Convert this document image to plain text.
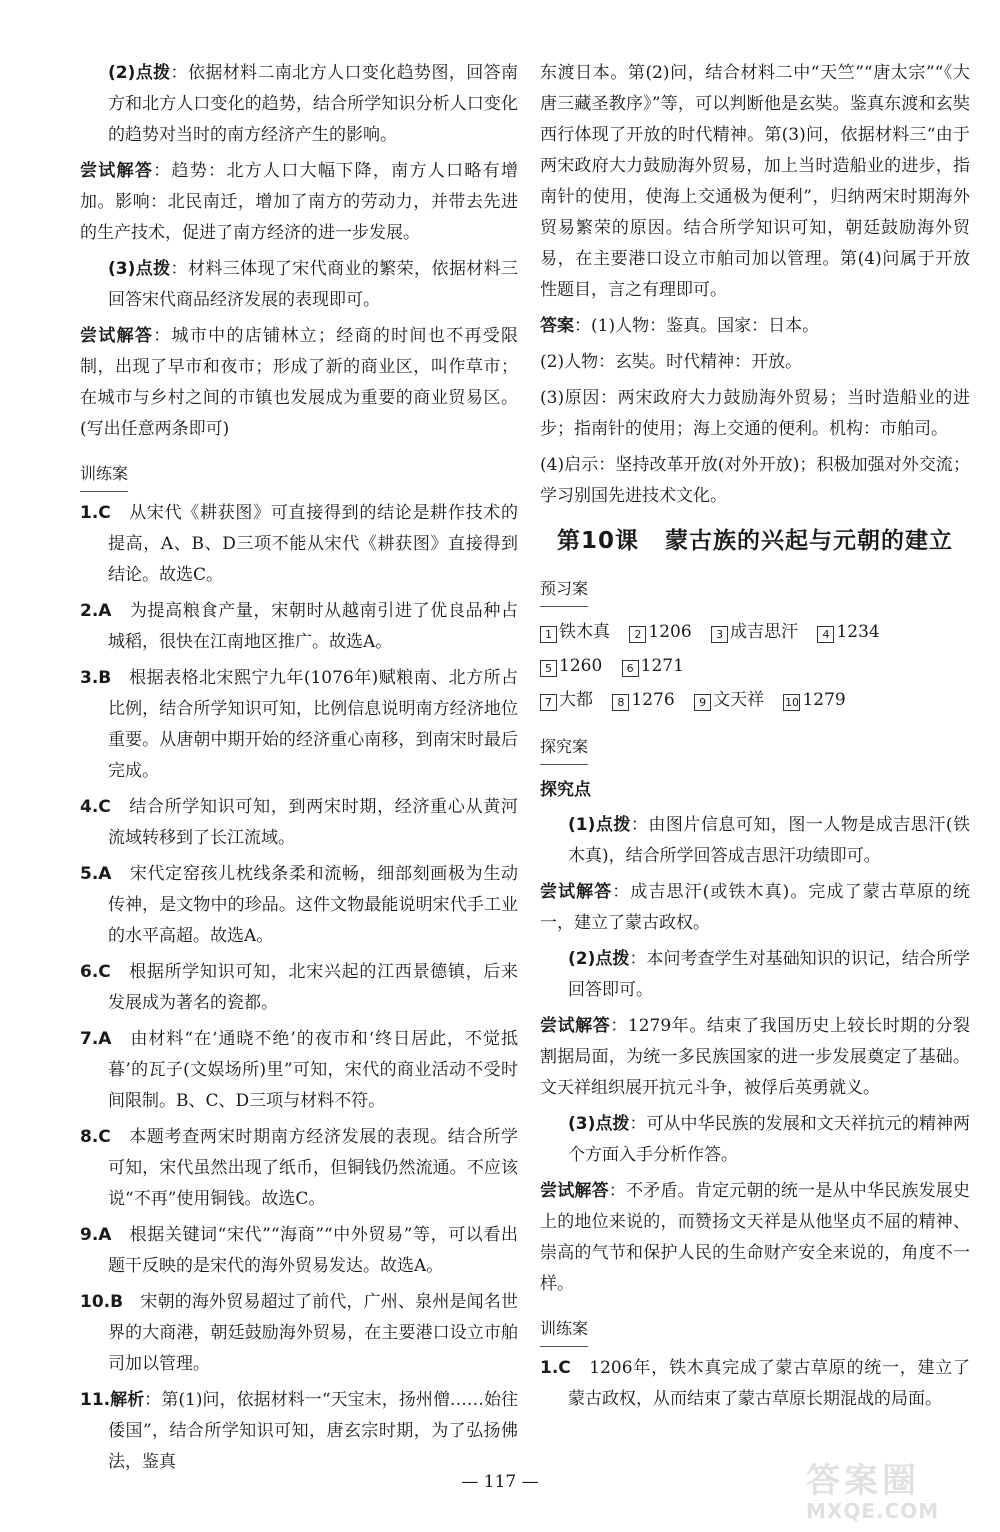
(2)点拨：依据材料二南北方人口变化趋势图，回答南方和北方人口变化的趋势，结合所学知识分析人口变化的趋势对当时的南方经济产生的影响。

尝试解答：趋势：北方人口大幅下降，南方人口略有增加。影响：北民南迁，增加了南方的劳动力，并带去先进的生产技术，促进了南方经济的进一步发展。

(3)点拨：材料三体现了宋代商业的繁荣，依据材料三回答宋代商品经济发展的表现即可。

尝试解答：城市中的店铺林立；经商的时间也不再受限制，出现了早市和夜市；形成了新的商业区，叫作草市；在城市与乡村之间的市镇也发展成为重要的商业贸易区。(写出任意两条即可)

训练案

1.C　 从宋代《耕获图》可直接得到的结论是耕作技术的提高，A、B、D三项不能从宋代《耕获图》直接得到结论。故选C。

2.A　 为提高粮食产量，宋朝时从越南引进了优良品种占城稻，很快在江南地区推广。故选A。

3.B　 根据表格北宋熙宁九年(1076年)赋粮南、北方所占比例，结合所学知识可知，比例信息说明南方经济地位重要。从唐朝中期开始的经济重心南移，到南宋时最后完成。

4.C　 结合所学知识可知，到两宋时期，经济重心从黄河流域转移到了长江流域。

5.A　 宋代定窑孩儿枕线条柔和流畅，细部刻画极为生动传神，是文物中的珍品。这件文物最能说明宋代手工业的水平高超。故选A。

6.C　 根据所学知识可知，北宋兴起的江西景德镇，后来发展成为著名的瓷都。

7.A　 由材料“在‘通晓不绝’的夜市和‘终日居此，不觉抵暮’的瓦子(文娱场所)里”可知，宋代的商业活动不受时间限制。B、C、D三项与材料不符。

8.C　 本题考查两宋时期南方经济发展的表现。结合所学可知，宋代虽然出现了纸币，但铜钱仍然流通。不应该说“不再”使用铜钱。故选C。

9.A　 根据关键词“宋代”“海商”“中外贸易”等，可以看出题干反映的是宋代的海外贸易发达。故选A。

10.B　 宋朝的海外贸易超过了前代，广州、泉州是闻名世界的大商港，朝廷鼓励海外贸易，在主要港口设立市舶司加以管理。

11.解析：第(1)问，依据材料一“天宝末，扬州僧……始往倭国”，结合所学知识可知，唐玄宗时期，为了弘扬佛法，鉴真

东渡日本。第(2)问，结合材料二中“天竺”“唐太宗”“《大唐三藏圣教序》”等，可以判断他是玄奘。鉴真东渡和玄奘西行体现了开放的时代精神。第(3)问，依据材料三“由于两宋政府大力鼓励海外贸易，加上当时造船业的进步，指南针的使用，使海上交通极为便利”，归纳两宋时期海外贸易繁荣的原因。结合所学知识可知，朝廷鼓励海外贸易，在主要港口设立市舶司加以管理。第(4)问属于开放性题目，言之有理即可。

答案：(1)人物：鉴真。国家：日本。

(2)人物：玄奘。时代精神：开放。

(3)原因：两宋政府大力鼓励海外贸易；当时造船业的进步；指南针的使用；海上交通的便利。机构：市舶司。

(4)启示：坚持改革开放(对外开放)；积极加强对外交流；学习别国先进技术文化。

第10课 蒙古族的兴起与元朝的建立
预习案
1 铁木真 2 1206 3 成吉思汗 4 1234 5 1260 6 1271
7 大都 8 1276 9 文天祥 10 1279
探究案
探究点

(1)点拨：由图片信息可知，图一人物是成吉思汗(铁木真)，结合所学回答成吉思汗功绩即可。

尝试解答：成吉思汗(或铁木真)。完成了蒙古草原的统一，建立了蒙古政权。

(2)点拨：本问考查学生对基础知识的识记，结合所学回答即可。

尝试解答：1279年。结束了我国历史上较长时期的分裂割据局面，为统一多民族国家的进一步发展奠定了基础。文天祥组织展开抗元斗争，被俘后英勇就义。

(3)点拨：可从中华民族的发展和文天祥抗元的精神两个方面入手分析作答。

尝试解答：不矛盾。肯定元朝的统一是从中华民族发展史上的地位来说的，而赞扬文天祥是从他坚贞不屈的精神、崇高的气节和保护人民的生命财产安全来说的，角度不一样。

训练案

1.C　 1206年，铁木真完成了蒙古草原的统一，建立了蒙古政权，从而结束了蒙古草原长期混战的局面。

— 117 —	答案圈
MXQE.COM
